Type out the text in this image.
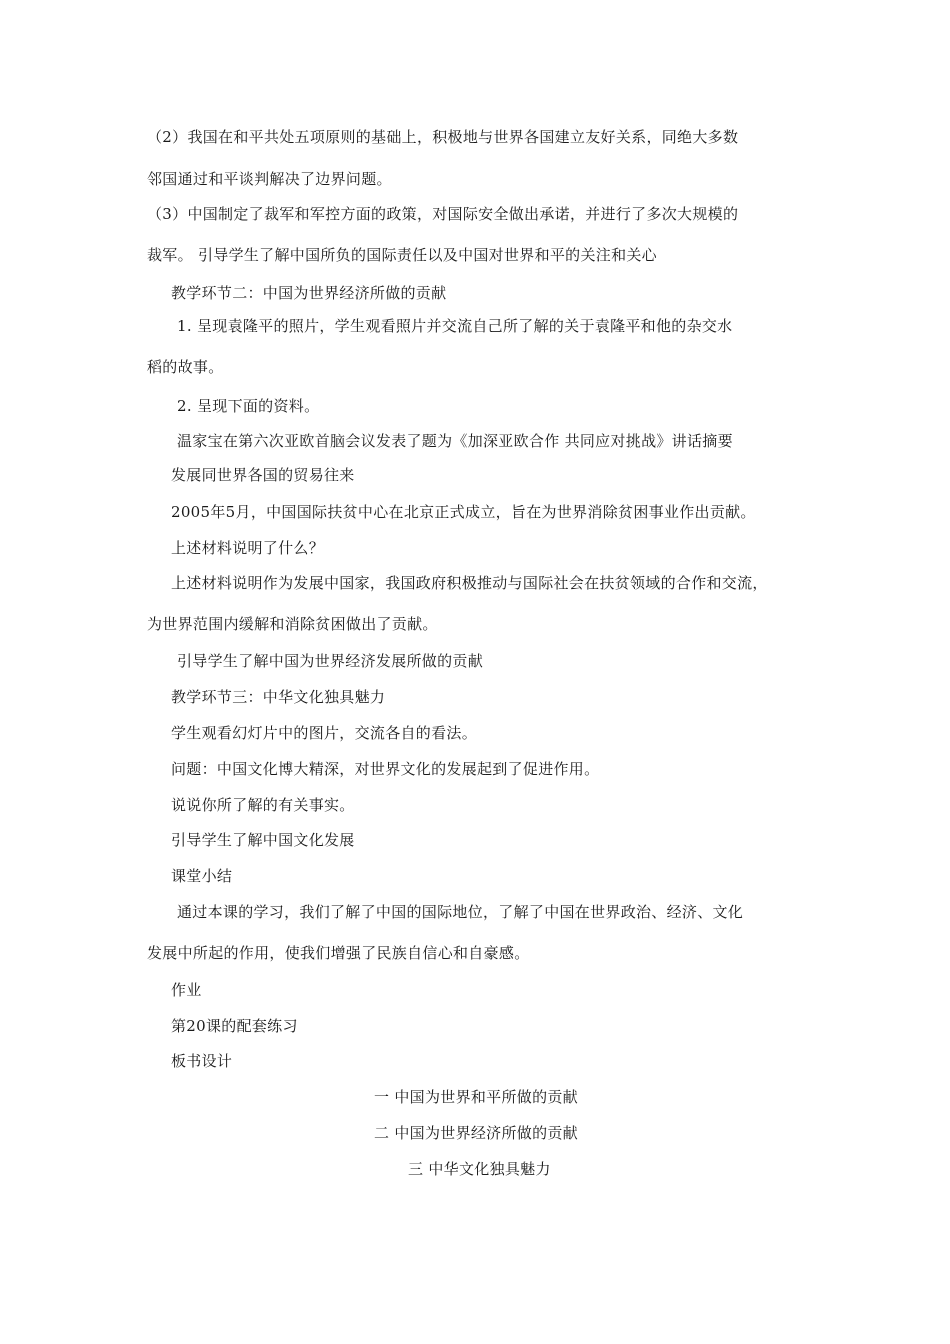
（2）我国在和平共处五项原则的基础上，积极地与世界各国建立友好关系，同绝大多数
邻国通过和平谈判解决了边界问题。
（3）中国制定了裁军和军控方面的政策，对国际安全做出承诺，并进行了多次大规模的
裁军。 引导学生了解中国所负的国际责任以及中国对世界和平的关注和关心
教学环节二：中国为世界经济所做的贡献
1. 呈现袁隆平的照片，学生观看照片并交流自己所了解的关于袁隆平和他的杂交水
稻的故事。
2. 呈现下面的资料。
温家宝在第六次亚欧首脑会议发表了题为《加深亚欧合作 共同应对挑战》讲话摘要
发展同世界各国的贸易往来
2005年5月，中国国际扶贫中心在北京正式成立，旨在为世界消除贫困事业作出贡献。
上述材料说明了什么？
上述材料说明作为发展中国家，我国政府积极推动与国际社会在扶贫领域的合作和交流，
为世界范围内缓解和消除贫困做出了贡献。
引导学生了解中国为世界经济发展所做的贡献
教学环节三：中华文化独具魅力
学生观看幻灯片中的图片，交流各自的看法。
问题：中国文化博大精深，对世界文化的发展起到了促进作用。
说说你所了解的有关事实。
引导学生了解中国文化发展
课堂小结
通过本课的学习，我们了解了中国的国际地位，了解了中国在世界政治、经济、文化
发展中所起的作用，使我们增强了民族自信心和自豪感。
作业
第20课的配套练习
板书设计
一 中国为世界和平所做的贡献
二 中国为世界经济所做的贡献
三 中华文化独具魅力
